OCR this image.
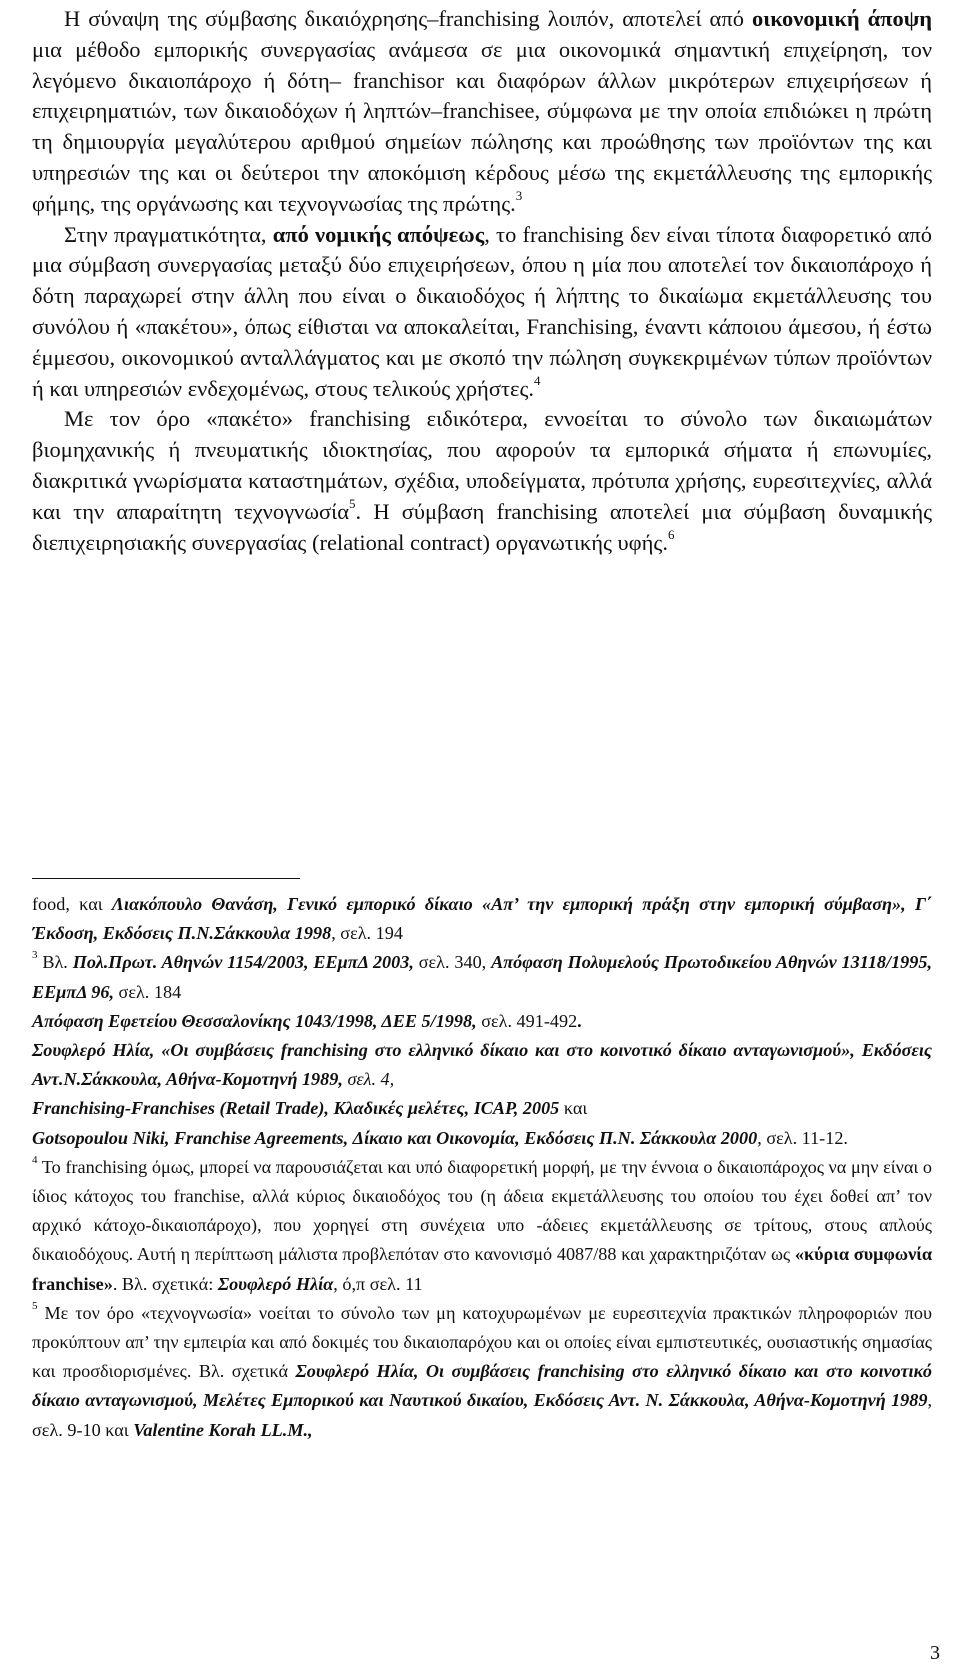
Η σύναψη της σύμβασης δικαιόχρησης–franchising λοιπόν, αποτελεί από οικονομική άποψη μια μέθοδο εμπορικής συνεργασίας ανάμεσα σε μια οικονομικά σημαντική επιχείρηση, τον λεγόμενο δικαιοπάροχο ή δότη– franchisor και διαφόρων άλλων μικρότερων επιχειρήσεων ή επιχειρηματιών, των δικαιοδόχων ή ληπτών–franchisee, σύμφωνα με την οποία επιδιώκει η πρώτη τη δημιουργία μεγαλύτερου αριθμού σημείων πώλησης και προώθησης των προϊόντων της και υπηρεσιών της και οι δεύτεροι την αποκόμιση κέρδους μέσω της εκμετάλλευσης της εμπορικής φήμης, της οργάνωσης και τεχνογνωσίας της πρώτης.$^3$

Στην πραγματικότητα, από νομικής απόψεως, το franchising δεν είναι τίποτα διαφορετικό από μια σύμβαση συνεργασίας μεταξύ δύο επιχειρήσεων, όπου η μία που αποτελεί τον δικαιοπάροχο ή δότη παραχωρεί στην άλλη που είναι ο δικαιοδόχος ή λήπτης το δικαίωμα εκμετάλλευσης του συνόλου ή «πακέτου», όπως είθισται να αποκαλείται, Franchising, έναντι κάποιου άμεσου, ή έστω έμμεσου, οικονομικού ανταλλάγματος και με σκοπό την πώληση συγκεκριμένων τύπων προϊόντων ή και υπηρεσιών ενδεχομένως, στους τελικούς χρήστες.$^4$

Με τον όρο «πακέτο» franchising ειδικότερα, εννοείται το σύνολο των δικαιωμάτων βιομηχανικής ή πνευματικής ιδιοκτησίας, που αφορούν τα εμπορικά σήματα ή επωνυμίες, διακριτικά γνωρίσματα καταστημάτων, σχέδια, υποδείγματα, πρότυπα χρήσης, ευρεσιτεχνίες, αλλά και την απαραίτητη τεχνογνωσία$^5$. Η σύμβαση franchising αποτελεί μια σύμβαση δυναμικής διεπιχειρησιακής συνεργασίας (relational contract) οργανωτικής υφής.$^6$

food, και Λιακόπουλο Θανάση, Γενικό εμπορικό δίκαιο «Απ’ την εμπορική πράξη στην εμπορική σύμβαση», Γ΄ Έκδοση, Εκδόσεις Π.Ν.Σάκκουλα 1998, σελ. 194

$^3$ Βλ. Πολ.Πρωτ. Αθηνών 1154/2003, ΕΕμπΔ 2003, σελ. 340, Απόφαση Πολυμελούς Πρωτοδικείου Αθηνών 13118/1995, ΕΕμπΔ 96, σελ. 184

Απόφαση Εφετείου Θεσσαλονίκης 1043/1998, ΔΕΕ 5/1998, σελ. 491-492.

Σουφλερό Ηλία, «Οι συμβάσεις franchising στο ελληνικό δίκαιο και στο κοινοτικό δίκαιο ανταγωνισμού», Εκδόσεις Αντ.Ν.Σάκκουλα, Αθήνα-Κομοτηνή 1989, σελ. 4,

Franchising-Franchises (Retail Trade), Κλαδικές μελέτες, ICAP, 2005 και

Gotsopoulou Niki, Franchise Agreements, Δίκαιο και Οικονομία, Εκδόσεις Π.Ν. Σάκκουλα 2000, σελ. 11-12.

$^4$ Το franchising όμως, μπορεί να παρουσιάζεται και υπό διαφορετική μορφή, με την έννοια ο δικαιοπάροχος να μην είναι ο ίδιος κάτοχος του franchise, αλλά κύριος δικαιοδόχος του (η άδεια εκμετάλλευσης του οποίου του έχει δοθεί απ’ τον αρχικό κάτοχο-δικαιοπάροχο), που χορηγεί στη συνέχεια υπο -άδειες εκμετάλλευσης σε τρίτους, στους απλούς δικαιοδόχους. Αυτή η περίπτωση μάλιστα προβλεπόταν στο κανονισμό 4087/88 και χαρακτηριζόταν ως «κύρια συμφωνία franchise». Βλ. σχετικά: Σουφλερό Ηλία, ό,π σελ. 11

$^5$ Με τον όρο «τεχνογνωσία» νοείται το σύνολο των μη κατοχυρωμένων με ευρεσιτεχνία πρακτικών πληροφοριών που προκύπτουν απ’ την εμπειρία και από δοκιμές του δικαιοπαρόχου και οι οποίες είναι εμπιστευτικές, ουσιαστικής σημασίας και προσδιορισμένες. Βλ. σχετικά Σουφλερό Ηλία, Οι συμβάσεις franchising στο ελληνικό δίκαιο και στο κοινοτικό δίκαιο ανταγωνισμού, Μελέτες Εμπορικού και Ναυτικού δικαίου, Εκδόσεις Αντ. Ν. Σάκκουλα, Αθήνα-Κομοτηνή 1989, σελ. 9-10 και Valentine Korah LL.M.,

3
